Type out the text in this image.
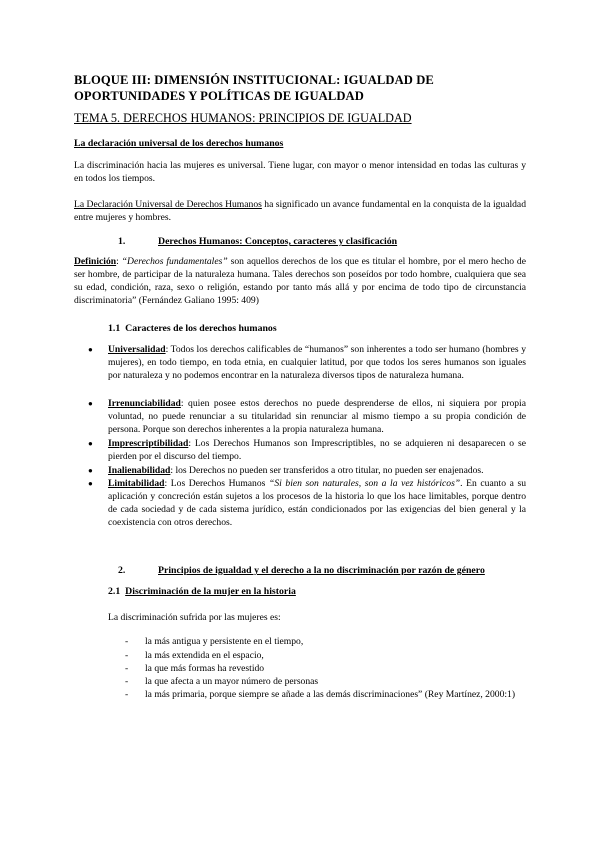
BLOQUE III: DIMENSIÓN INSTITUCIONAL: IGUALDAD DE OPORTUNIDADES Y POLÍTICAS DE IGUALDAD
TEMA 5. DERECHOS HUMANOS: PRINCIPIOS DE IGUALDAD
La declaración universal de los derechos humanos
La discriminación hacia las mujeres es universal. Tiene lugar, con mayor o menor intensidad en todas las culturas y en todos los tiempos.
La Declaración Universal de Derechos Humanos ha significado un avance fundamental en la conquista de la igualdad entre mujeres y hombres.
1.	Derechos Humanos: Conceptos, caracteres y clasificación
Definición: “Derechos fundamentales” son aquellos derechos de los que es titular el hombre, por el mero hecho de ser hombre, de participar de la naturaleza humana. Tales derechos son poseídos por todo hombre, cualquiera que sea su edad, condición, raza, sexo o religión, estando por tanto más allá y por encima de todo tipo de circunstancia discriminatoria” (Fernández Galiano 1995: 409)
1.1 Caracteres de los derechos humanos
●	Universalidad: Todos los derechos calificables de “humanos” son inherentes a todo ser humano (hombres y mujeres), en todo tiempo, en toda etnia, en cualquier latitud, por que todos los seres humanos son iguales por naturaleza y no podemos encontrar en la naturaleza diversos tipos de naturaleza humana.
●	Irrenunciabilidad: quien posee estos derechos no puede desprenderse de ellos, ni siquiera por propia voluntad, no puede renunciar a su titularidad sin renunciar al mismo tiempo a su propia condición de persona. Porque son derechos inherentes a la propia naturaleza humana.
●	Imprescriptibilidad: Los Derechos Humanos son Imprescriptibles, no se adquieren ni desaparecen o se pierden por el discurso del tiempo.
●	Inalienabilidad: los Derechos no pueden ser transferidos a otro titular, no pueden ser enajenados.
●	Limitabilidad: Los Derechos Humanos “Si bien son naturales, son a la vez históricos”. En cuanto a su aplicación y concreción están sujetos a los procesos de la historia lo que los hace limitables, porque dentro de cada sociedad y de cada sistema jurídico, están condicionados por las exigencias del bien general y la coexistencia con otros derechos.
2.	Principios de igualdad y el derecho a la no discriminación por razón de género
2.1 Discriminación de la mujer en la historia
La discriminación sufrida por las mujeres es:
- la más antigua y persistente en el tiempo,
- la más extendida en el espacio,
- la que más formas ha revestido
- la que afecta a un mayor número de personas
- la más primaria, porque siempre se añade a las demás discriminaciones” (Rey Martínez, 2000:1)
